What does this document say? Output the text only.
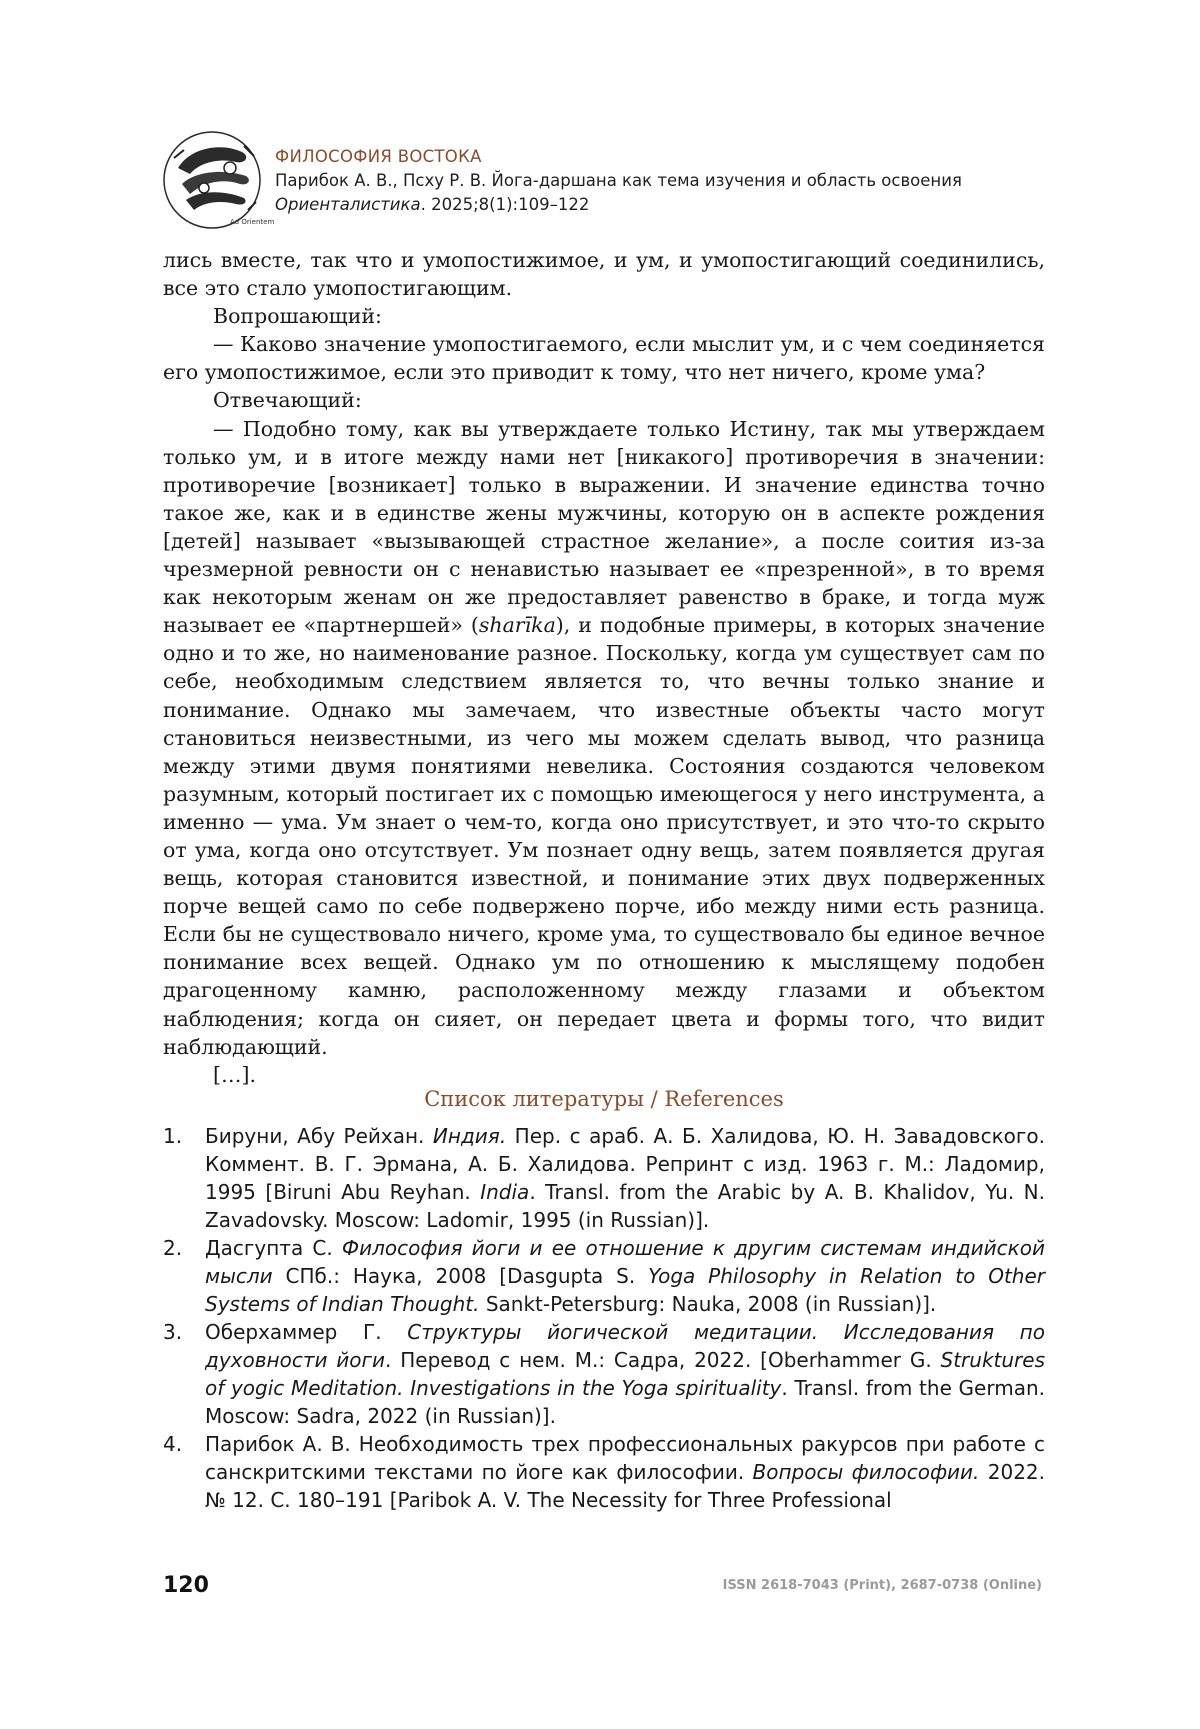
Ad Orientem
ФИЛОСОФИЯ ВОСТОКА
Парибок А. В., Псху Р. В. Йога-даршана как тема изучения и область освоения
Ориенталистика. 2025;8(1):109–122

лись вместе, так что и умопостижимое, и ум, и умопостигающий соединились, все это стало умопостигающим.

Вопрошающий:

— Каково значение умопостигаемого, если мыслит ум, и с чем соединяется его умопостижимое, если это приводит к тому, что нет ничего, кроме ума?

Отвечающий:

— Подобно тому, как вы утверждаете только Истину, так мы утверждаем только ум, и в итоге между нами нет [никакого] противоречия в значении: противоречие [возникает] только в выражении. И значение единства точно такое же, как и в единстве жены мужчины, которую он в аспекте рождения [детей] называет «вызывающей страстное желание», а после соития из-за чрезмерной ревности он с ненавистью называет ее «презренной», в то время как некоторым женам он же предоставляет равенство в браке, и тогда муж называет ее «партнершей» (sharīka), и подобные примеры, в которых значение одно и то же, но наименование разное. Поскольку, когда ум существует сам по себе, необходимым следствием является то, что вечны только знание и понимание. Однако мы замечаем, что известные объекты часто могут становиться неизвестными, из чего мы можем сделать вывод, что разница между этими двумя понятиями невелика. Состояния создаются человеком разумным, который постигает их с помощью имеющегося у него инструмента, а именно — ума. Ум знает о чем-то, когда оно присутствует, и это что-то скрыто от ума, когда оно отсутствует. Ум познает одну вещь, затем появляется другая вещь, которая становится известной, и понимание этих двух подверженных порче вещей само по себе подвержено порче, ибо между ними есть разница. Если бы не существовало ничего, кроме ума, то существовало бы единое вечное понимание всех вещей. Однако ум по отношению к мыслящему подобен драгоценному камню, расположенному между глазами и объектом наблюдения; когда он сияет, он передает цвета и формы того, что видит наблюдающий.

[…].

Список литературы / References
1. Бируни, Абу Рейхан. Индия. Пер. с араб. А. Б. Халидова, Ю. Н. Завадовского. Коммент. В. Г. Эрмана, А. Б. Халидова. Репринт с изд. 1963 г. М.: Ладомир, 1995 [Biruni Abu Reyhan. India. Transl. from the Arabic by A. B. Khalidov, Yu. N. Zavadovsky. Moscow: Ladomir, 1995 (in Russian)].
2. Дасгупта С. Философия йоги и ее отношение к другим системам индийской мысли СПб.: Наука, 2008 [Dasgupta S. Yoga Philosophy in Relation to Other Systems of Indian Thought. Sankt-Petersburg: Nauka, 2008 (in Russian)].
3. Оберхаммер Г. Структуры йогической медитации. Исследования по духовности йоги. Перевод с нем. М.: Садра, 2022. [Oberhammer G. Struktures of yogic Meditation. Investigations in the Yoga spirituality. Transl. from the German. Moscow: Sadra, 2022 (in Russian)].
4. Парибок А. В. Необходимость трех профессиональных ракурсов при работе с санскритскими текстами по йоге как философии. Вопросы философии. 2022. № 12. С. 180–191 [Paribok A. V. The Necessity for Three Professional
120	ISSN 2618-7043 (Print), 2687-0738 (Online)
